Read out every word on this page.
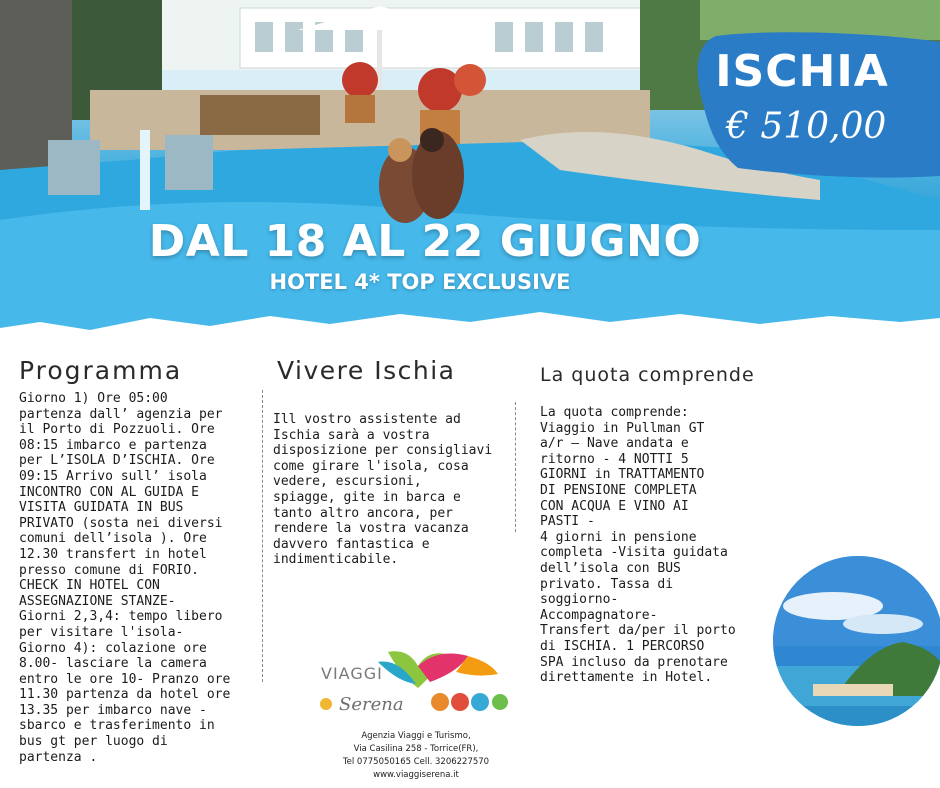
ISCHIA
€ 510,00
DAL 18 AL 22 GIUGNO
HOTEL 4* TOP EXCLUSIVE
Programma
Giorno 1) Ore 05:00
partenza dall’ agenzia per
il Porto di Pozzuoli. Ore
08:15 imbarco e partenza
per L’ISOLA D’ISCHIA. Ore
09:15 Arrivo sull’ isola
INCONTRO CON AL GUIDA E
VISITA GUIDATA IN BUS
PRIVATO (sosta nei diversi
comuni dell’isola ). Ore
12.30 transfert in hotel
presso comune di FORIO.
CHECK IN HOTEL CON
ASSEGNAZIONE STANZE-
Giorni 2,3,4: tempo libero
per visitare l'isola-
Giorno 4): colazione ore
8.00- lasciare la camera
entro le ore 10- Pranzo ore
11.30 partenza da hotel ore
13.35 per imbarco nave -
sbarco e trasferimento in
bus gt per luogo di
partenza .
Vivere Ischia
Ill vostro assistente ad
Ischia sarà a vostra
disposizione per consigliavi
come girare l'isola, cosa
vedere, escursioni,
spiagge, gite in barca e
tanto altro ancora, per
rendere la vostra vacanza
davvero fantastica e
indimenticabile.
La quota comprende
La quota comprende:
Viaggio in Pullman GT
a/r – Nave andata e
ritorno - 4 NOTTI 5
GIORNI in TRATTAMENTO
DI PENSIONE COMPLETA
CON ACQUA E VINO AI
PASTI -
4 giorni in pensione
completa -Visita guidata
dell’isola con BUS
privato. Tassa di
soggiorno-
Accompagnatore-
Transfert da/per il porto
di ISCHIA. 1 PERCORSO
SPA incluso da prenotare
direttamente in Hotel.
VIAGGI
Serena
Agenzia Viaggi e Turismo,
Via Casilina 258 - Torrice(FR),
Tel 0775050165 Cell. 3206227570
www.viaggiserena.it
